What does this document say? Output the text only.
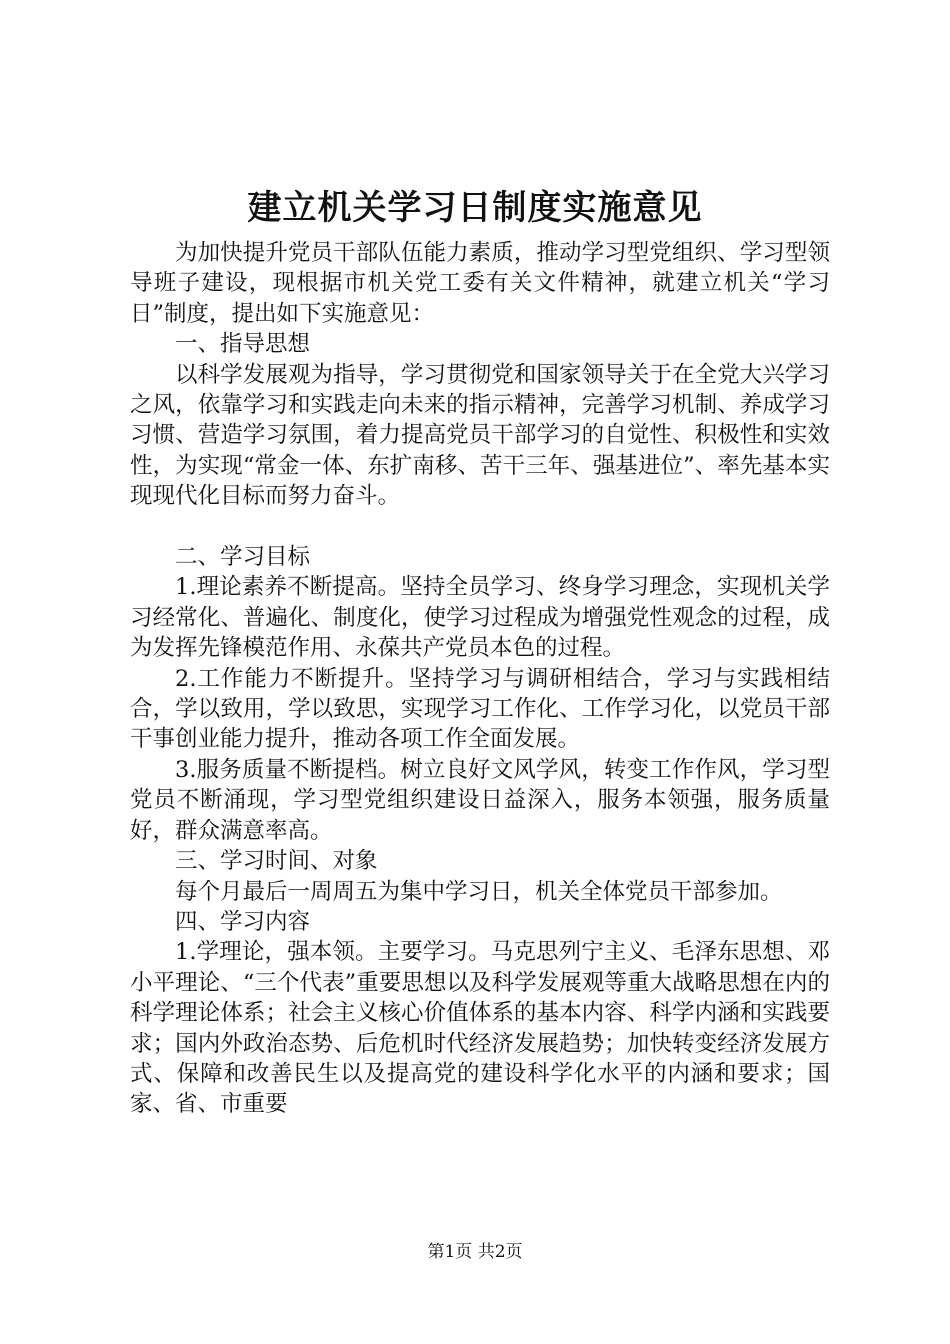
建立机关学习日制度实施意见

为加快提升党员干部队伍能力素质，推动学习型党组织、学习型领导班子建设，现根据市机关党工委有关文件精神，就建立机关“学习日”制度，提出如下实施意见：

一、指导思想

以科学发展观为指导，学习贯彻党和国家领导关于在全党大兴学习之风，依靠学习和实践走向未来的指示精神，完善学习机制、养成学习习惯、营造学习氛围，着力提高党员干部学习的自觉性、积极性和实效性，为实现“常金一体、东扩南移、苦干三年、强基进位”、率先基本实现现代化目标而努力奋斗。

二、学习目标

1.理论素养不断提高。坚持全员学习、终身学习理念，实现机关学习经常化、普遍化、制度化，使学习过程成为增强党性观念的过程，成为发挥先锋模范作用、永葆共产党员本色的过程。

2.工作能力不断提升。坚持学习与调研相结合，学习与实践相结合，学以致用，学以致思，实现学习工作化、工作学习化，以党员干部干事创业能力提升，推动各项工作全面发展。

3.服务质量不断提档。树立良好文风学风，转变工作作风，学习型党员不断涌现，学习型党组织建设日益深入，服务本领强，服务质量好，群众满意率高。

三、学习时间、对象

每个月最后一周周五为集中学习日，机关全体党员干部参加。

四、学习内容

1.学理论，强本领。主要学习。马克思列宁主义、毛泽东思想、邓小平理论、“三个代表”重要思想以及科学发展观等重大战略思想在内的科学理论体系；社会主义核心价值体系的基本内容、科学内涵和实践要求；国内外政治态势、后危机时代经济发展趋势；加快转变经济发展方式、保障和改善民生以及提高党的建设科学化水平的内涵和要求；国家、省、市重要

第1页 共2页
